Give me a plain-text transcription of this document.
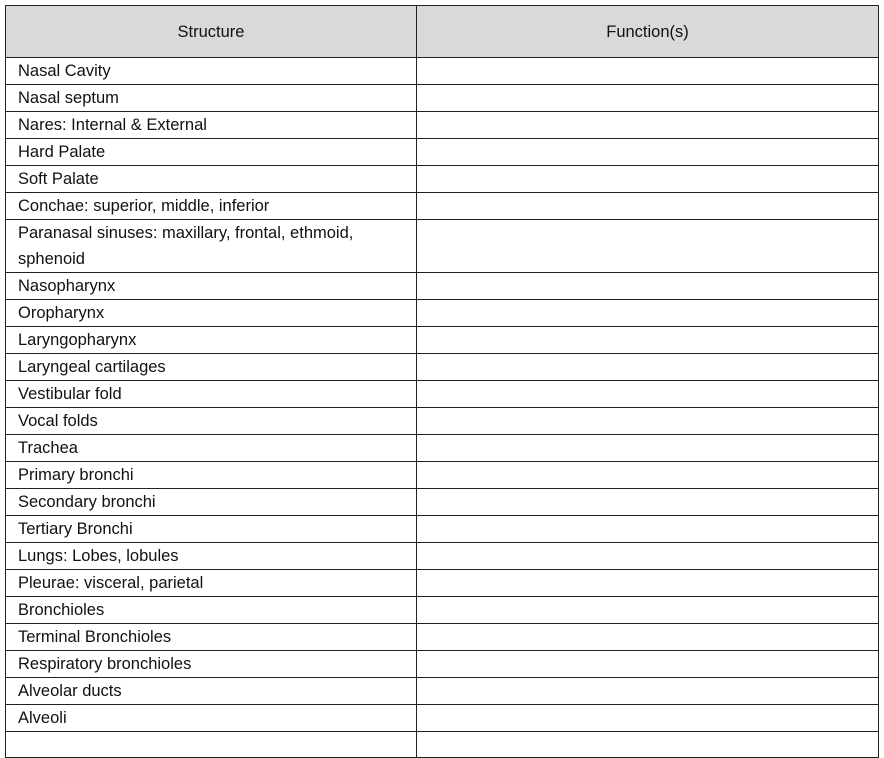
Structure	Function(s)
Nasal Cavity	
Nasal septum	
Nares: Internal & External	
Hard Palate	
Soft Palate	
Conchae: superior, middle, inferior	
Paranasal sinuses: maxillary, frontal, ethmoid, sphenoid	
Nasopharynx	
Oropharynx	
Laryngopharynx	
Laryngeal cartilages	
Vestibular fold	
Vocal folds	
Trachea	
Primary bronchi	
Secondary bronchi	
Tertiary Bronchi	
Lungs: Lobes, lobules	
Pleurae: visceral, parietal	
Bronchioles	
Terminal Bronchioles	
Respiratory bronchioles	
Alveolar ducts	
Alveoli	
